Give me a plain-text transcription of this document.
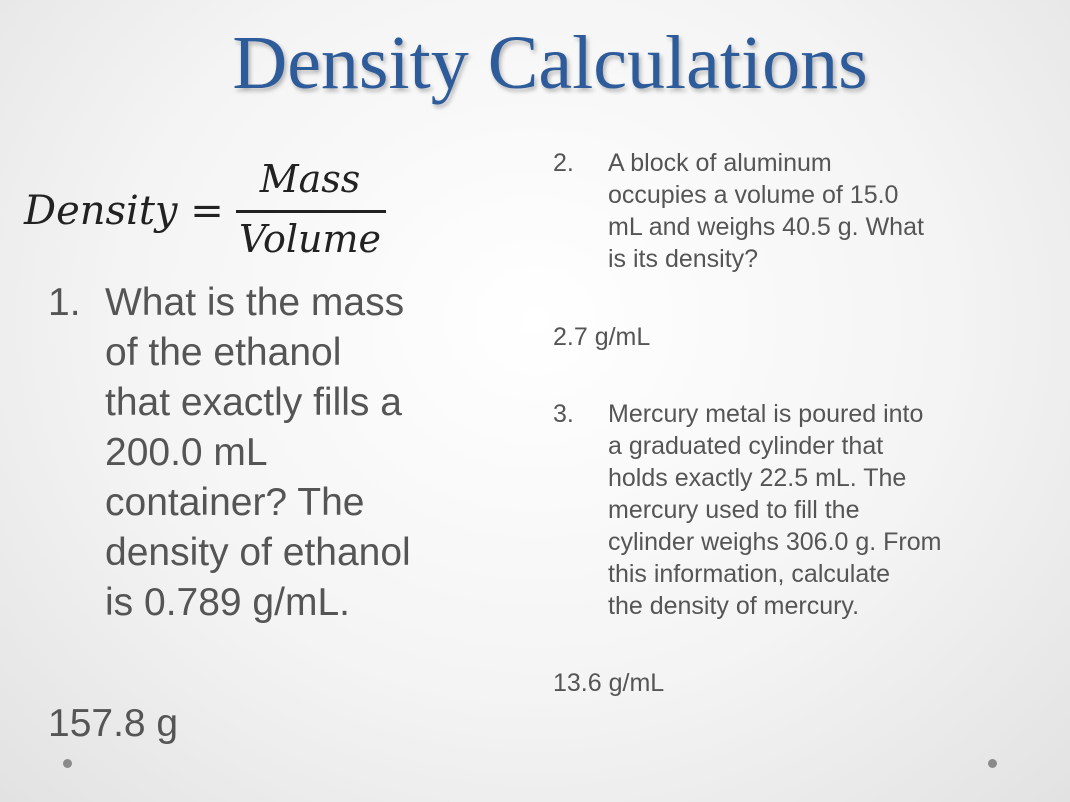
Density Calculations
Density =
Mass
Volume
1. What is the mass
of the ethanol
that exactly fills a
200.0 mL
container? The
density of ethanol
is 0.789 g/mL.
157.8 g
2. A block of aluminum
occupies a volume of 15.0
mL and weighs 40.5 g. What
is its density?
2.7 g/mL
3. Mercury metal is poured into
a graduated cylinder that
holds exactly 22.5 mL. The
mercury used to fill the
cylinder weighs 306.0 g. From
this information, calculate
the density of mercury.
13.6 g/mL
